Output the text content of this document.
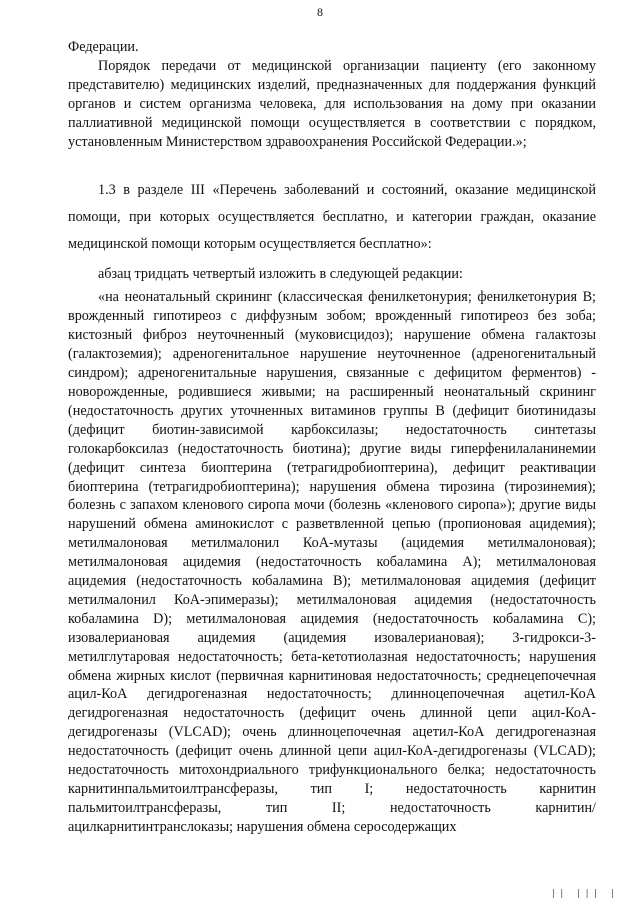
8

Федерации.

Порядок передачи от медицинской организации пациенту (его законному представителю) медицинских изделий, предназначенных для поддержания функций органов и систем организма человека, для использования на дому при оказании паллиативной медицинской помощи осуществляется в соответствии с порядком, установленным Министерством здравоохранения Российской Федерации.»;

1.3 в разделе III «Перечень заболеваний и состояний, оказание медицинской помощи, при которых осуществляется бесплатно, и категории граждан, оказание медицинской помощи которым осуществляется бесплатно»:

абзац тридцать четвертый изложить в следующей редакции:

«на неонатальный скрининг (классическая фенилкетонурия; фенилкетонурия В; врожденный гипотиреоз с диффузным зобом; врожденный гипотиреоз без зоба; кистозный фиброз неуточненный (муковисцидоз); нарушение обмена галактозы (галактоземия); адреногенитальное нарушение неуточненное (адреногенитальный синдром); адреногенитальные нарушения, связанные с дефицитом ферментов) - новорожденные, родившиеся живыми; на расширенный неонатальный скрининг (недостаточность других уточненных витаминов группы В (дефицит биотинидазы (дефицит биотин-зависимой карбоксилазы; недостаточность синтетазы голокарбоксилаз (недостаточность биотина); другие виды гиперфенилаланинемии (дефицит синтеза биоптерина (тетрагидробиоптерина), дефицит реактивации биоптерина (тетрагидробиоптерина); нарушения обмена тирозина (тирозинемия); болезнь с запахом кленового сиропа мочи (болезнь «кленового сиропа»); другие виды нарушений обмена аминокислот с разветвленной цепью (пропионовая ацидемия); метилмалоновая метилмалонил КоА-мутазы (ацидемия метилмалоновая); метилмалоновая ацидемия (недостаточность кобаламина А); метилмалоновая ацидемия (недостаточность кобаламина В); метилмалоновая ацидемия (дефицит метилмалонил КоА-эпимеразы); метилмалоновая ацидемия (недостаточность кобаламина D); метилмалоновая ацидемия (недостаточность кобаламина С); изовалериановая ацидемия (ацидемия изовалериановая); 3-гидрокси-3-метилглутаровая недостаточность; бета-кетотиолазная недостаточность; нарушения обмена жирных кислот (первичная карнитиновая недостаточность; среднецепочечная ацил-КоА дегидрогеназная недостаточность; длинноцепочечная ацетил-КоА дегидрогеназная недостаточность (дефицит очень длинной цепи ацил-КоА-дегидрогеназы (VLCAD); очень длинноцепочечная ацетил-КоА дегидрогеназная недостаточность (дефицит очень длинной цепи ацил-КоА-дегидрогеназы (VLCAD); недостаточность митохондриального трифункционального белка; недостаточность карнитинпальмитоилтрансферазы, тип I; недостаточность карнитин пальмитоилтрансферазы, тип II; недостаточность карнитин/ацилкарнитинтранслоказы; нарушения обмена серосодержащих

|| ||| |
